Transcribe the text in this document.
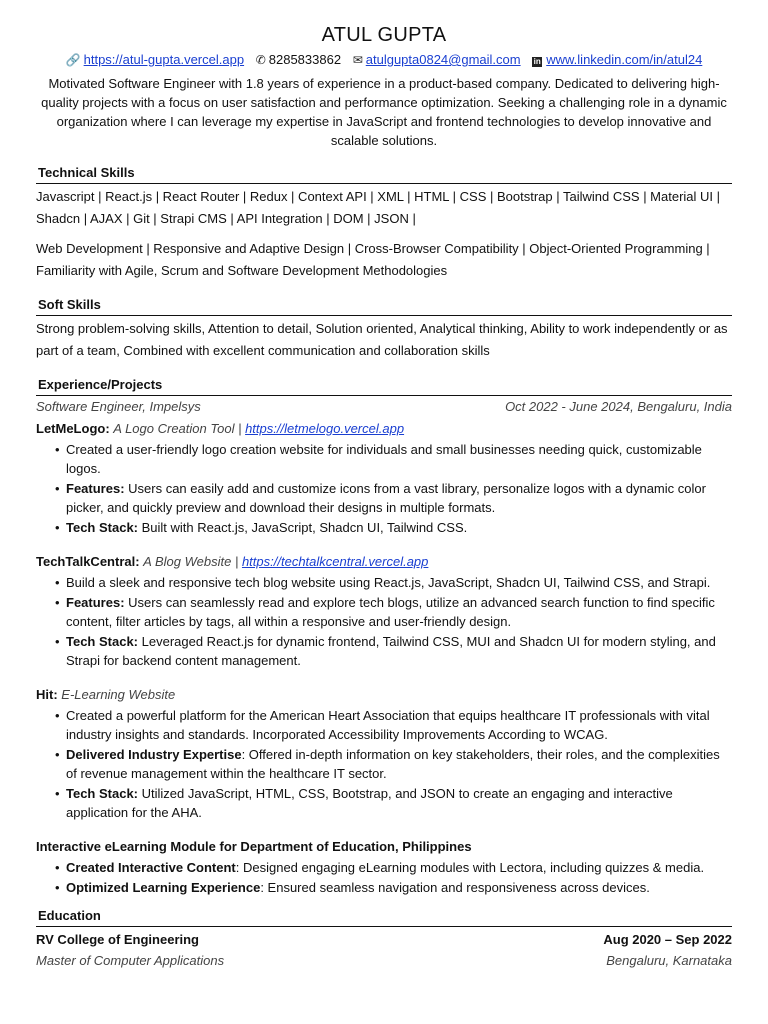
ATUL GUPTA
🔗 https://atul-gupta.vercel.app ✆ 8285833862 ✉ atulgupta0824@gmail.com in www.linkedin.com/in/atul24
Motivated Software Engineer with 1.8 years of experience in a product-based company. Dedicated to delivering high-quality projects with a focus on user satisfaction and performance optimization. Seeking a challenging role in a dynamic organization where I can leverage my expertise in JavaScript and frontend technologies to develop innovative and scalable solutions.
Technical Skills
Javascript | React.js | React Router | Redux | Context API | XML | HTML | CSS | Bootstrap | Tailwind CSS | Material UI | Shadcn | AJAX | Git | Strapi CMS | API Integration | DOM | JSON |
Web Development | Responsive and Adaptive Design | Cross-Browser Compatibility | Object-Oriented Programming | Familiarity with Agile, Scrum and Software Development Methodologies
Soft Skills
Strong problem-solving skills, Attention to detail, Solution oriented, Analytical thinking, Ability to work independently or as part of a team, Combined with excellent communication and collaboration skills
Experience/Projects
Software Engineer, Impelsys	Oct 2022 - June 2024, Bengaluru, India
LetMeLogo: A Logo Creation Tool | https://letmelogo.vercel.app
• Created a user-friendly logo creation website for individuals and small businesses needing quick, customizable logos.
• Features: Users can easily add and customize icons from a vast library, personalize logos with a dynamic color picker, and quickly preview and download their designs in multiple formats.
• Tech Stack: Built with React.js, JavaScript, Shadcn UI, Tailwind CSS.
TechTalkCentral: A Blog Website | https://techtalkcentral.vercel.app
• Build a sleek and responsive tech blog website using React.js, JavaScript, Shadcn UI, Tailwind CSS, and Strapi.
• Features: Users can seamlessly read and explore tech blogs, utilize an advanced search function to find specific content, filter articles by tags, all within a responsive and user-friendly design.
• Tech Stack: Leveraged React.js for dynamic frontend, Tailwind CSS, MUI and Shadcn UI for modern styling, and Strapi for backend content management.
Hit: E-Learning Website
• Created a powerful platform for the American Heart Association that equips healthcare IT professionals with vital industry insights and standards. Incorporated Accessibility Improvements According to WCAG.
• Delivered Industry Expertise: Offered in-depth information on key stakeholders, their roles, and the complexities of revenue management within the healthcare IT sector.
• Tech Stack: Utilized JavaScript, HTML, CSS, Bootstrap, and JSON to create an engaging and interactive application for the AHA.
Interactive eLearning Module for Department of Education, Philippines
• Created Interactive Content: Designed engaging eLearning modules with Lectora, including quizzes & media.
• Optimized Learning Experience: Ensured seamless navigation and responsiveness across devices.
Education
RV College of Engineering	Aug 2020 – Sep 2022
Master of Computer Applications	Bengaluru, Karnataka
